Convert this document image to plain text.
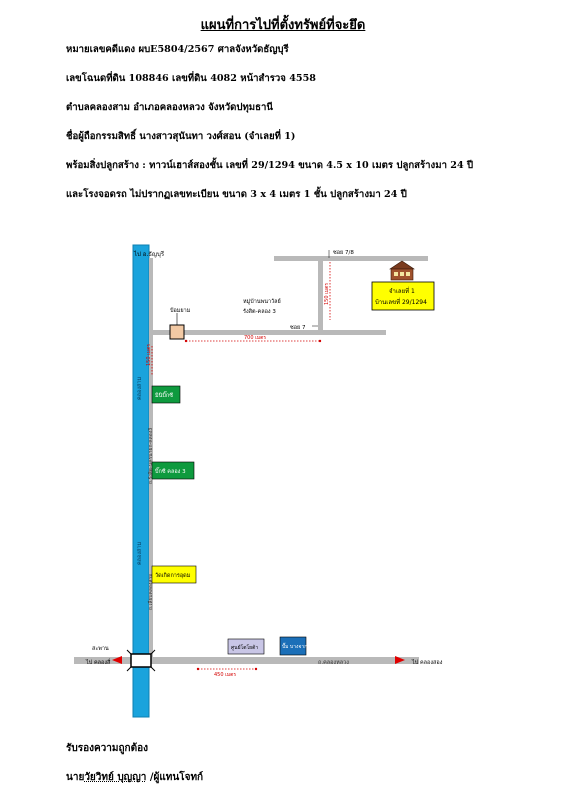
แผนที่การไปที่ตั้งทรัพย์ที่จะยึด
หมายเลขคดีแดง ผบE5804/2567 ศาลจังหวัดธัญบุรี
เลขโฉนดที่ดิน 108846 เลขที่ดิน 4082 หน้าสำรวจ 4558
ตำบลคลองสาม อำเภอคลองหลวง จังหวัดปทุมธานี
ชื่อผู้ถือกรรมสิทธิ์ นางสาวสุนันทา วงศ์สอน (จำเลยที่ 1)
พร้อมสิ่งปลูกสร้าง : ทาวน์เฮาส์สองชั้น เลขที่ 29/1294 ขนาด 4.5 x 10 เมตร ปลูกสร้างมา 24 ปี
และโรงจอดรถ ไม่ปรากฏเลขทะเบียน ขนาด 3 x 4 เมตร 1 ชั้น ปลูกสร้างมา 24 ปี
ไป อ.ธัญบุรี
ป้อมยาม
หมู่บ้านพนาวัลย์
รังสิต-คลอง 3
ซอย 7
ซอย 7/8
สะพาน
ไป คลองสี่	ไป คลองสอง
ถ.คลองหลวง
คลองสาม
คลองสาม
ถ.รังสิต-นครนายก-คลอง3
ถ.เลียบคลองสาม
150 เมตร
700 เมตร
150 เมตร
450 เมตร
มินิบิ๊กซี
บิ๊กซี คลอง 3
วัดเกิดการอุดม
ศูนย์โตโยต้า	ปั๊ม บางจาก
จำเลยที่ 1
บ้านเลขที่ 29/1294
รับรองความถูกต้อง
นายวัยวิทย์ บุญญา /ผู้แทนโจทก์
